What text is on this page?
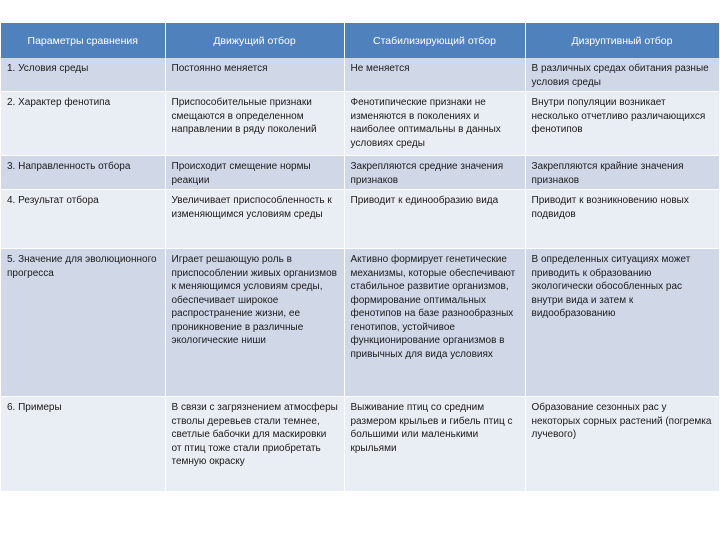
Параметры сравнения	Движущий отбор	Стабилизирующий отбор	Дизруптивный отбор
1. Условия среды	Постоянно меняется	Не меняется	В различных средах обитания разные условия среды
2. Характер фенотипа	Приспособительные признаки смещаются в определенном направлении в ряду поколений	Фенотипические признаки не изменяются в поколениях и наиболее оптимальны в данных условиях среды	Внутри популяции возникает несколько отчетливо различающихся фенотипов
3. Направленность отбора	Происходит смещение нормы реакции	Закрепляются средние значения признаков	Закрепляются крайние значения признаков
4. Результат отбора	Увеличивает приспособленность к изменяющимся условиям среды	Приводит к единообразию вида	Приводит к возникновению новых подвидов
5. Значение для эволюционного прогресса	Играет решающую роль в приспособлении живых организмов к меняющимся условиям среды, обеспечивает широкое распространение жизни, ее проникновение в различные экологические ниши	Активно формирует генетические механизмы, которые обеспечивают стабильное развитие организмов, формирование оптимальных фенотипов на базе разнообразных генотипов, устойчивое функционирование организмов в привычных для вида условиях	В определенных ситуациях может приводить к образованию экологически обособленных рас внутри вида и затем к видообразованию
6. Примеры	В связи с загрязнением атмосферы стволы деревьев стали темнее, светлые бабочки для маскировки от птиц тоже стали приобретать темную окраску	Выживание птиц со средним размером крыльев и гибель птиц с большими или маленькими крыльями	Образование сезонных рас у некоторых сорных растений (погремка лучевого)
